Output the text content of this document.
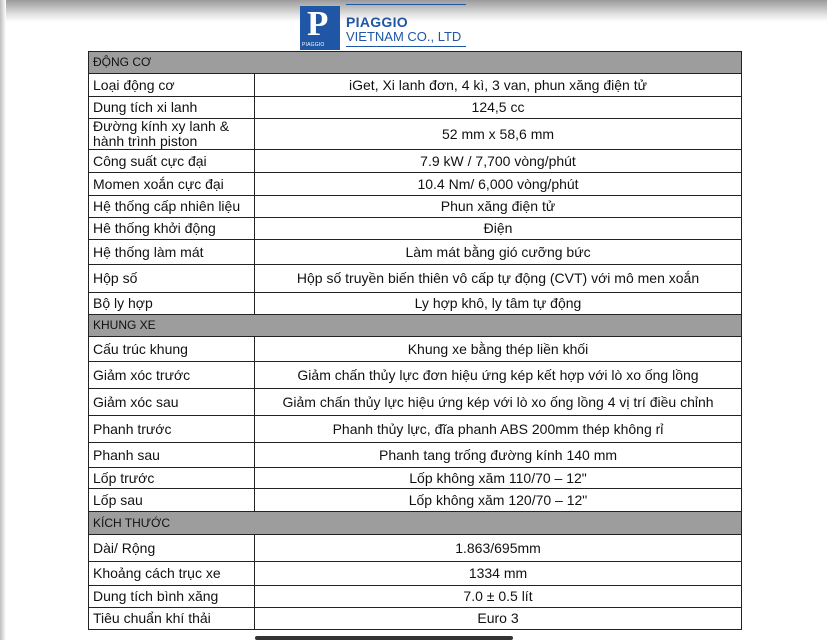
P
PIAGGIO
PIAGGIO
VIETNAM CO., LTD
ĐỘNG CƠ	
Loại động cơ	iGet, Xi lanh đơn, 4 kì, 3 van, phun xăng điện tử
Dung tích xi lanh	124,5 cc
Đường kính xy lanh & hành trình piston	52 mm x 58,6 mm
Công suất cực đại	7.9 kW / 7,700 vòng/phút
Momen xoắn cực đại	10.4 Nm/ 6,000 vòng/phút
Hệ thống cấp nhiên liệu	Phun xăng điện tử
Hê thống khởi động	Điện
Hệ thống làm mát	Làm mát bằng gió cưỡng bức
Hộp số	Hộp số truyền biến thiên vô cấp tự động (CVT) với mô men xoắn
Bộ ly hợp	Ly hợp khô, ly tâm tự động
KHUNG XE	
Cấu trúc khung	Khung xe bằng thép liền khối
Giảm xóc trước	Giảm chấn thủy lực đơn hiệu ứng kép kết hợp với lò xo ống lồng
Giảm xóc sau	Giảm chấn thủy lực hiệu ứng kép với lò xo ống lồng 4 vị trí điều chỉnh
Phanh trước	Phanh thủy lực, đĩa phanh ABS 200mm thép không rỉ
Phanh sau	Phanh tang trống đường kính 140 mm
Lốp trước	Lốp không xăm 110/70 – 12"
Lốp sau	Lốp không xăm 120/70 – 12"
KÍCH THƯỚC	
Dài/ Rộng	1.863/695mm
Khoảng cách trục xe	1334 mm
Dung tích bình xăng	7.0 ± 0.5 lít
Tiêu chuẩn khí thải	Euro 3
